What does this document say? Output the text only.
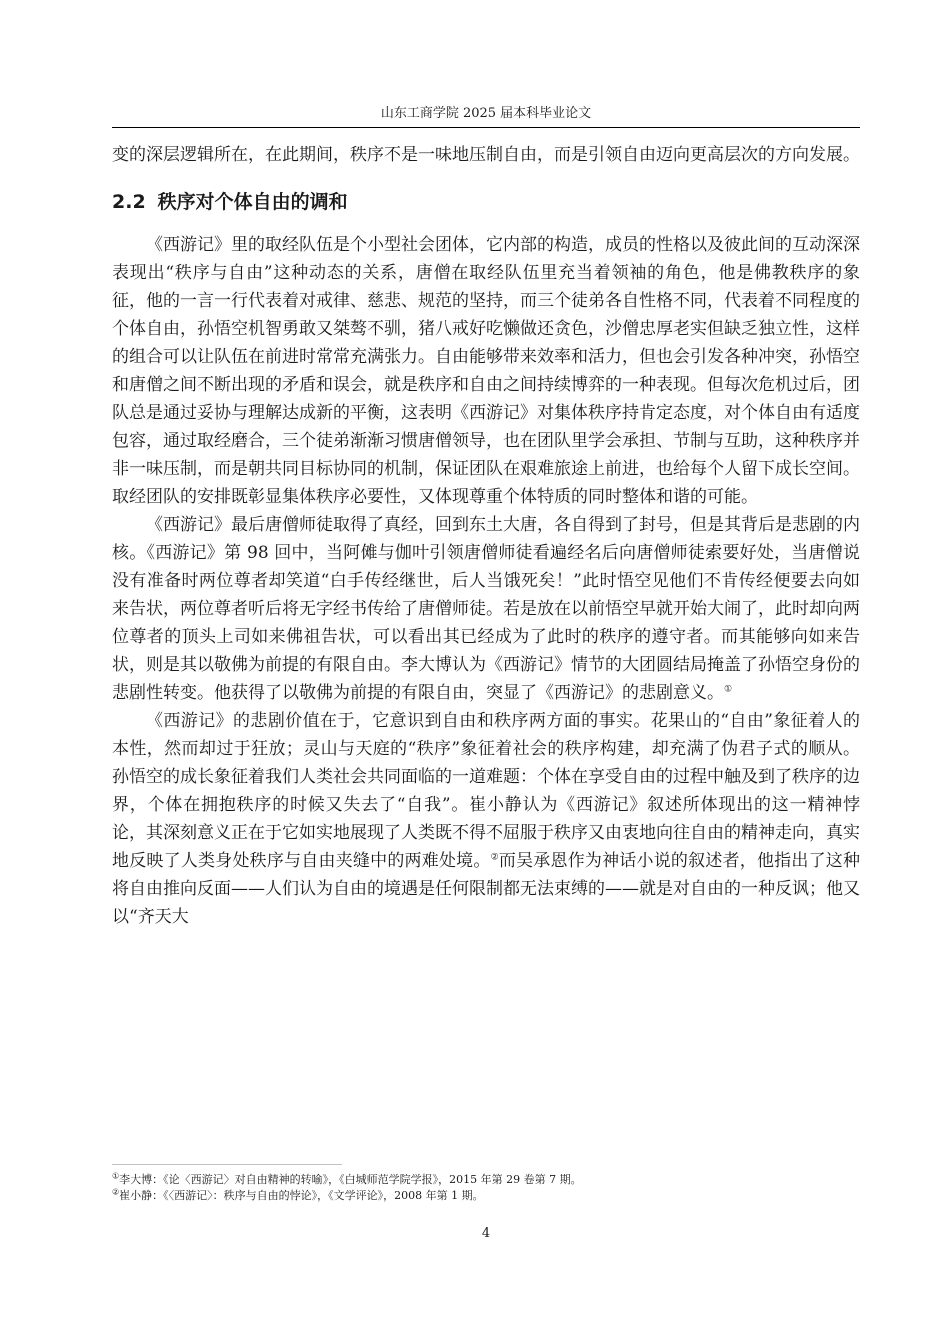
山东工商学院 2025 届本科毕业论文

变的深层逻辑所在，在此期间，秩序不是一味地压制自由，而是引领自由迈向更高层次的方向发展。

2.2 秩序对个体自由的调和

《西游记》里的取经队伍是个小型社会团体，它内部的构造，成员的性格以及彼此间的互动深深表现出“秩序与自由”这种动态的关系，唐僧在取经队伍里充当着领袖的角色，他是佛教秩序的象征，他的一言一行代表着对戒律、慈悲、规范的坚持，而三个徒弟各自性格不同，代表着不同程度的个体自由，孙悟空机智勇敢又桀骜不驯，猪八戒好吃懒做还贪色，沙僧忠厚老实但缺乏独立性，这样的组合可以让队伍在前进时常常充满张力。自由能够带来效率和活力，但也会引发各种冲突，孙悟空和唐僧之间不断出现的矛盾和误会，就是秩序和自由之间持续博弈的一种表现。但每次危机过后，团队总是通过妥协与理解达成新的平衡，这表明《西游记》对集体秩序持肯定态度，对个体自由有适度包容，通过取经磨合，三个徒弟渐渐习惯唐僧领导，也在团队里学会承担、节制与互助，这种秩序并非一味压制，而是朝共同目标协同的机制，保证团队在艰难旅途上前进，也给每个人留下成长空间。取经团队的安排既彰显集体秩序必要性，又体现尊重个体特质的同时整体和谐的可能。

《西游记》最后唐僧师徒取得了真经，回到东土大唐，各自得到了封号，但是其背后是悲剧的内核。《西游记》第 98 回中，当阿傩与伽叶引领唐僧师徒看遍经名后向唐僧师徒索要好处，当唐僧说没有准备时两位尊者却笑道“白手传经继世，后人当饿死矣！”此时悟空见他们不肯传经便要去向如来告状，两位尊者听后将无字经书传给了唐僧师徒。若是放在以前悟空早就开始大闹了，此时却向两位尊者的顶头上司如来佛祖告状，可以看出其已经成为了此时的秩序的遵守者。而其能够向如来告状，则是其以敬佛为前提的有限自由。李大博认为《西游记》情节的大团圆结局掩盖了孙悟空身份的悲剧性转变。他获得了以敬佛为前提的有限自由，突显了《西游记》的悲剧意义。①

《西游记》的悲剧价值在于，它意识到自由和秩序两方面的事实。花果山的“自由”象征着人的本性，然而却过于狂放；灵山与天庭的“秩序”象征着社会的秩序构建，却充满了伪君子式的顺从。孙悟空的成长象征着我们人类社会共同面临的一道难题：个体在享受自由的过程中触及到了秩序的边界，个体在拥抱秩序的时候又失去了“自我”。崔小静认为《西游记》叙述所体现出的这一精神悖论，其深刻意义正在于它如实地展现了人类既不得不屈服于秩序又由衷地向往自由的精神走向，真实地反映了人类身处秩序与自由夹缝中的两难处境。②而吴承恩作为神话小说的叙述者，他指出了这种将自由推向反面——人们认为自由的境遇是任何限制都无法束缚的——就是对自由的一种反讽；他又以“齐天大

①李大博：《论〈西游记〉对自由精神的转喻》，《白城师范学院学报》，2015 年第 29 卷第 7 期。

②崔小静：《〈西游记〉：秩序与自由的悖论》，《文学评论》，2008 年第 1 期。

4
